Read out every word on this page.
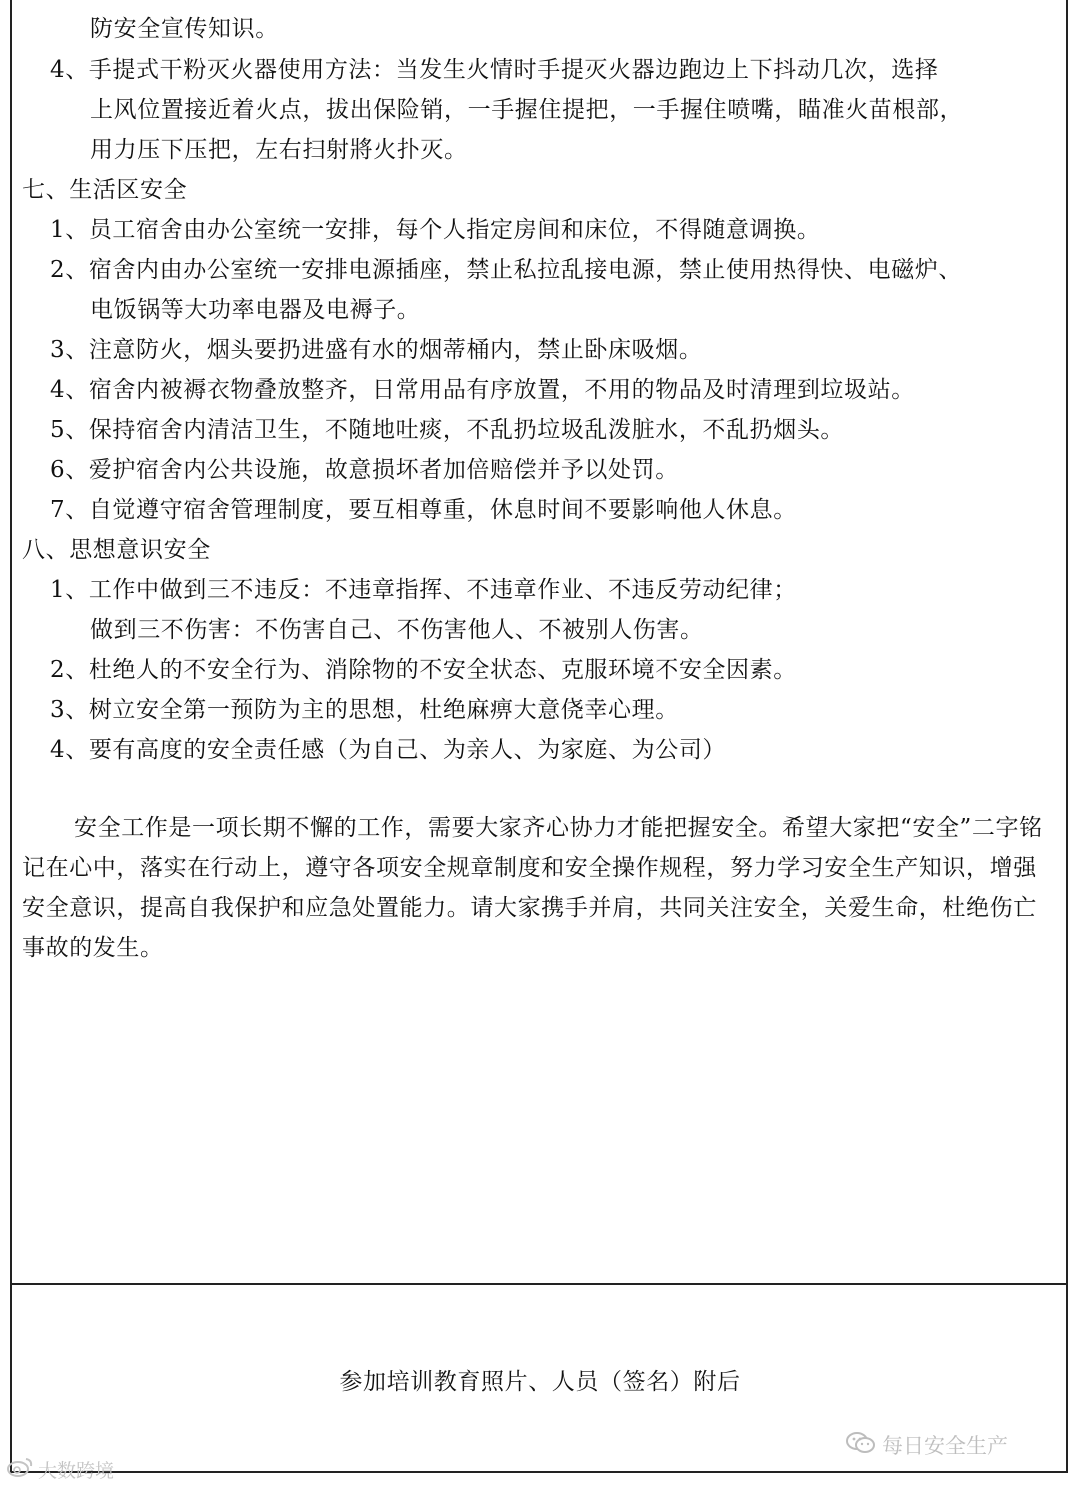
防安全宣传知识。
4、手提式干粉灭火器使用方法：当发生火情时手提灭火器边跑边上下抖动几次，选择
上风位置接近着火点，拔出保险销，一手握住提把，一手握住喷嘴，瞄准火苗根部，
用力压下压把，左右扫射將火扑灭。
七、生活区安全
1、员工宿舍由办公室统一安排，每个人指定房间和床位，不得随意调换。
2、宿舍内由办公室统一安排电源插座，禁止私拉乱接电源，禁止使用热得快、电磁炉、
电饭锅等大功率电器及电褥子。
3、注意防火，烟头要扔进盛有水的烟蒂桶内，禁止卧床吸烟。
4、宿舍内被褥衣物叠放整齐，日常用品有序放置，不用的物品及时清理到垃圾站。
5、保持宿舍内清洁卫生，不随地吐痰，不乱扔垃圾乱泼脏水，不乱扔烟头。
6、爱护宿舍内公共设施，故意损坏者加倍赔偿并予以处罚。
7、自觉遵守宿舍管理制度，要互相尊重，休息时间不要影响他人休息。
八、思想意识安全
1、工作中做到三不违反：不违章指挥、不违章作业、不违反劳动纪律；
做到三不伤害：不伤害自己、不伤害他人、不被别人伤害。
2、杜绝人的不安全行为、消除物的不安全状态、克服环境不安全因素。
3、树立安全第一预防为主的思想，杜绝麻痹大意侥幸心理。
4、要有高度的安全责任感（为自己、为亲人、为家庭、为公司）
安全工作是一项长期不懈的工作，需要大家齐心协力才能把握安全。希望大家把“安全”二字铭记在心中，落实在行动上，遵守各项安全规章制度和安全操作规程，努力学习安全生产知识，增强安全意识，提高自我保护和应急处置能力。请大家携手并肩，共同关注安全，关爱生命，杜绝伤亡事故的发生。
参加培训教育照片、人员（签名）附后
每日安全生产
大数跨境
